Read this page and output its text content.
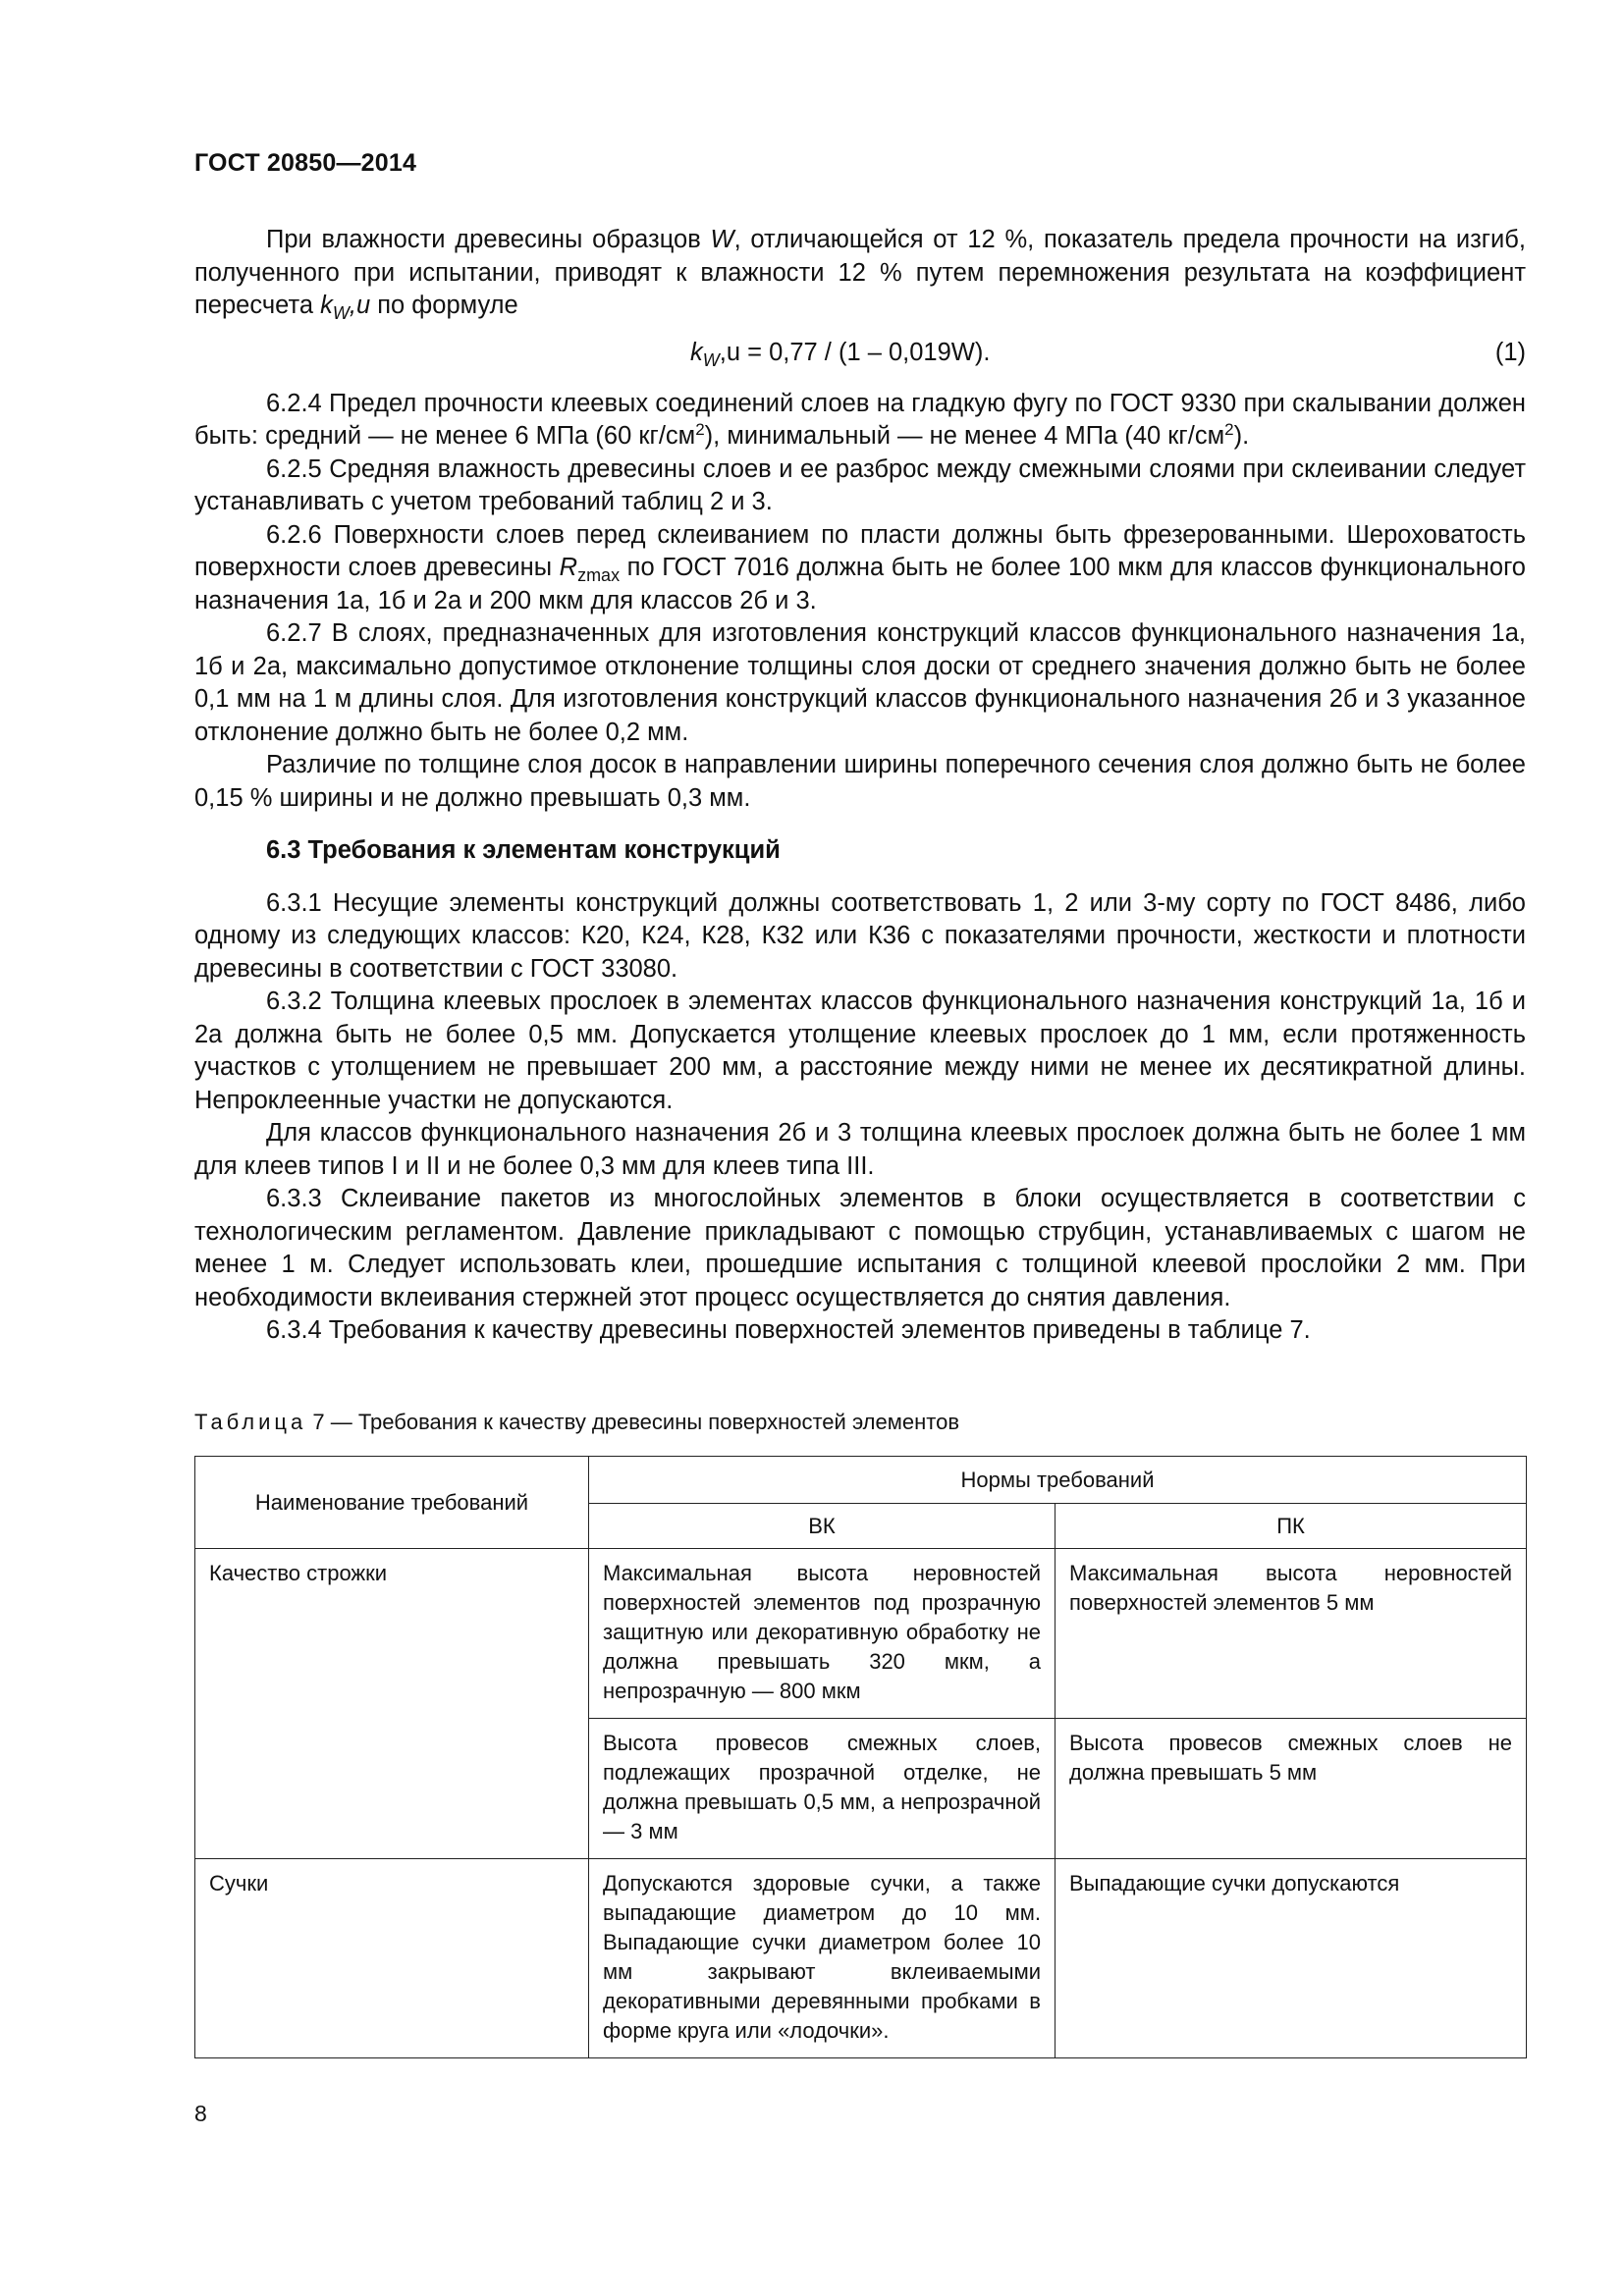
ГОСТ 20850—2014

При влажности древесины образцов W, отличающейся от 12 %, показатель предела прочности на изгиб, полученного при испытании, приводят к влажности 12 % путем перемножения результата на коэффициент пересчета $k_W,u$ по формуле

$k_W,u = 0,77 / (1 - 0,019W)$.	(1)

6.2.4 Предел прочности клеевых соединений слоев на гладкую фугу по ГОСТ 9330 при скалывании должен быть: средний — не менее 6 МПа (60 $кг/см^2$), минимальный — не менее 4 МПа (40 $кг/см^2$).

6.2.5 Средняя влажность древесины слоев и ее разброс между смежными слоями при склеивании следует устанавливать с учетом требований таблиц 2 и 3.

6.2.6 Поверхности слоев перед склеиванием по пласти должны быть фрезерованными. Шероховатость поверхности слоев древесины $R_{zmax}$ по ГОСТ 7016 должна быть не более 100 мкм для классов функционального назначения 1а, 1б и 2а и 200 мкм для классов 2б и 3.

6.2.7 В слоях, предназначенных для изготовления конструкций классов функционального назначения 1а, 1б и 2а, максимально допустимое отклонение толщины слоя доски от среднего значения должно быть не более 0,1 мм на 1 м длины слоя. Для изготовления конструкций классов функционального назначения 2б и 3 указанное отклонение должно быть не более 0,2 мм.

Различие по толщине слоя досок в направлении ширины поперечного сечения слоя должно быть не более 0,15 % ширины и не должно превышать 0,3 мм.

6.3 Требования к элементам конструкций

6.3.1 Несущие элементы конструкций должны соответствовать 1, 2 или 3-му сорту по ГОСТ 8486, либо одному из следующих классов: К20, К24, К28, К32 или К36 с показателями прочности, жесткости и плотности древесины в соответствии с ГОСТ 33080.

6.3.2 Толщина клеевых прослоек в элементах классов функционального назначения конструкций 1а, 1б и 2а должна быть не более 0,5 мм. Допускается утолщение клеевых прослоек до 1 мм, если протяженность участков с утолщением не превышает 200 мм, а расстояние между ними не менее их десятикратной длины. Непроклеенные участки не допускаются.

Для классов функционального назначения 2б и 3 толщина клеевых прослоек должна быть не более 1 мм для клеев типов I и II и не более 0,3 мм для клеев типа III.

6.3.3 Склеивание пакетов из многослойных элементов в блоки осуществляется в соответствии с технологическим регламентом. Давление прикладывают с помощью струбцин, устанавливаемых с шагом не менее 1 м. Следует использовать клеи, прошедшие испытания с толщиной клеевой прослойки 2 мм. При необходимости вклеивания стержней этот процесс осуществляется до снятия давления.

6.3.4 Требования к качеству древесины поверхностей элементов приведены в таблице 7.

Таблица 7 — Требования к качеству древесины поверхностей элементов
Наименование требований	Нормы требований	
	ВК	ПК
Качество строжки	Максимальная высота неровностей поверхностей элементов под прозрачную защитную или декоративную обработку не должна превышать 320 мкм, а непрозрачную — 800 мкм	Максимальная высота неровностей поверхностей элементов 5 мм
	Высота провесов смежных слоев, подлежащих прозрачной отделке, не должна превышать 0,5 мм, а непрозрачной — 3 мм	Высота провесов смежных слоев не должна превышать 5 мм
Сучки	Допускаются здоровые сучки, а также выпадающие диаметром до 10 мм. Выпадающие сучки диаметром более 10 мм закрывают вклеиваемыми декоративными деревянными пробками в форме круга или «лодочки».	Выпадающие сучки допускаются
8
